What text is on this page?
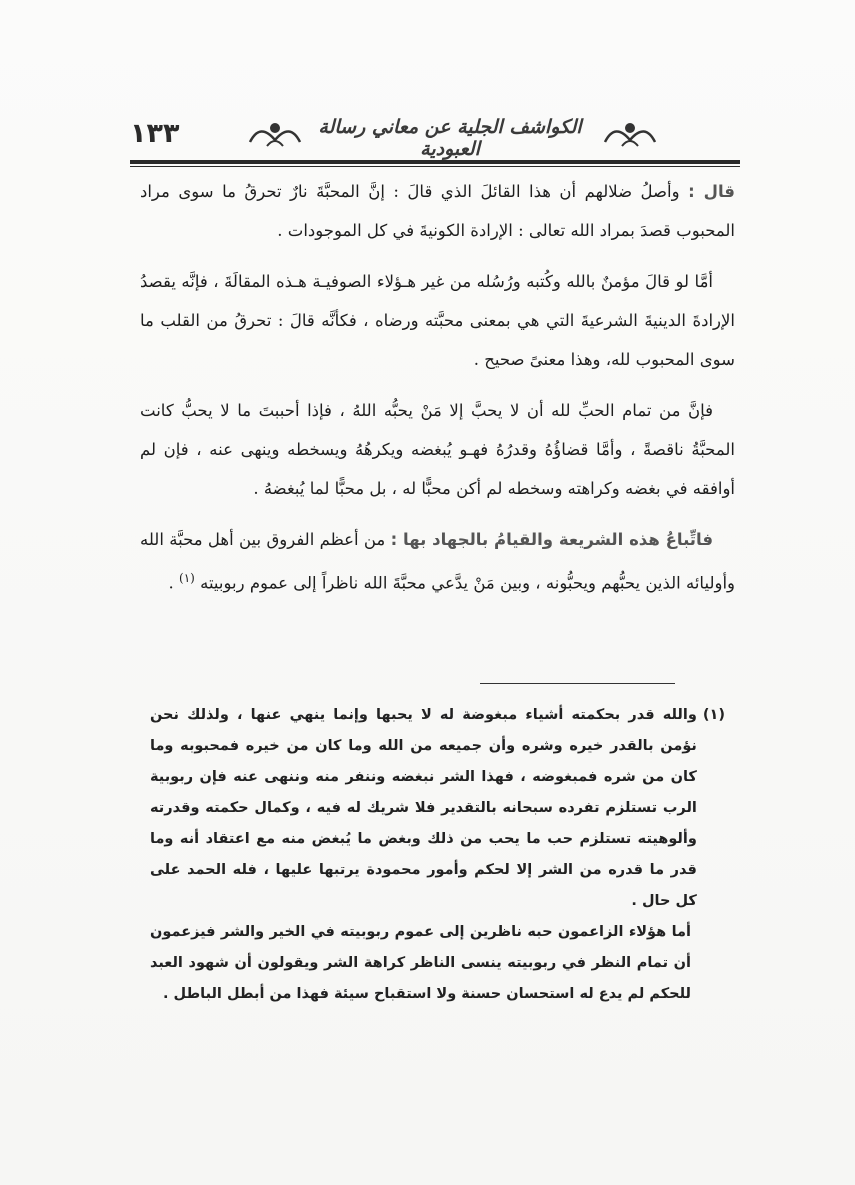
١٣٣	الكواشف الجلية عن معاني رسالة العبودية

قال : وأصلُ ضلالهم أن هذا القائلَ الذي قالَ : إنَّ المحبَّةَ نارٌ تحرقُ ما سوى مراد المحبوب قصدَ بمراد الله تعالى : الإرادة الكونيةَ في كل الموجودات .

أمَّا لو قالَ مؤمنٌ بالله وكُتبه ورُسُله من غير هـؤلاء الصوفيـة هـذه المقالَةَ ، فإنَّه يقصدُ الإرادةَ الدينيةَ الشرعيةَ التي هي بمعنى محبَّته ورضاه ، فكأنَّه قالَ : تحرقُ من القلب ما سوى المحبوب لله، وهذا معنىً صحيح .

فإنَّ من تمام الحبِّ لله أن لا يحبَّ إلا مَنْ يحبُّه اللهُ ، فإذا أحببتَ ما لا يحبُّ كانت المحبَّةُ ناقصةً ، وأمَّا قضاؤُهُ وقدرُهُ فهـو يُبغضه ويكرهُهُ ويسخطه وينهى عنه ، فإن لم أوافقه في بغضه وكراهته وسخطه لم أكن محبًّا له ، بل محبًّا لما يُبغضهُ .

فاتِّباعُ هذه الشريعة والقيامُ بالجهاد بها : من أعظم الفروق بين أهل محبَّة الله وأوليائه الذين يحبُّهم ويحبُّونه ، وبين مَنْ يدَّعي محبَّةَ الله ناظراً إلى عموم ربوبيته $^{(١)}$ .

(١)
والله قدر بحكمته أشياء مبغوضة له لا يحبها وإنما ينهي عنها ، ولذلك نحن نؤمن بالقدر خيره وشره وأن جميعه من الله وما كان من خيره فمحبوبه وما كان من شره فمبغوضه ، فهذا الشر نبغضه وننفر منه وننهى عنه فإن ربوبية الرب تستلزم تفرده سبحانه بالتقدير فلا شريك له فيه ، وكمال حكمته وقدرته وألوهيته تستلزم حب ما يحب من ذلك وبغض ما يُبغض منه مع اعتقاد أنه وما قدر ما قدره من الشر إلا لحكم وأمور محمودة يرتبها عليها ، فله الحمد على كل حال .

أما هؤلاء الزاعمون حبه ناظرين إلى عموم ربوبيته في الخير والشر فيزعمون أن تمام النظر في ربوبيته ينسى الناظر كراهة الشر ويقولون أن شهود العبد للحكم لم يدع له استحسان حسنة ولا استقباح سيئة فهذا من أبطل الباطل .
